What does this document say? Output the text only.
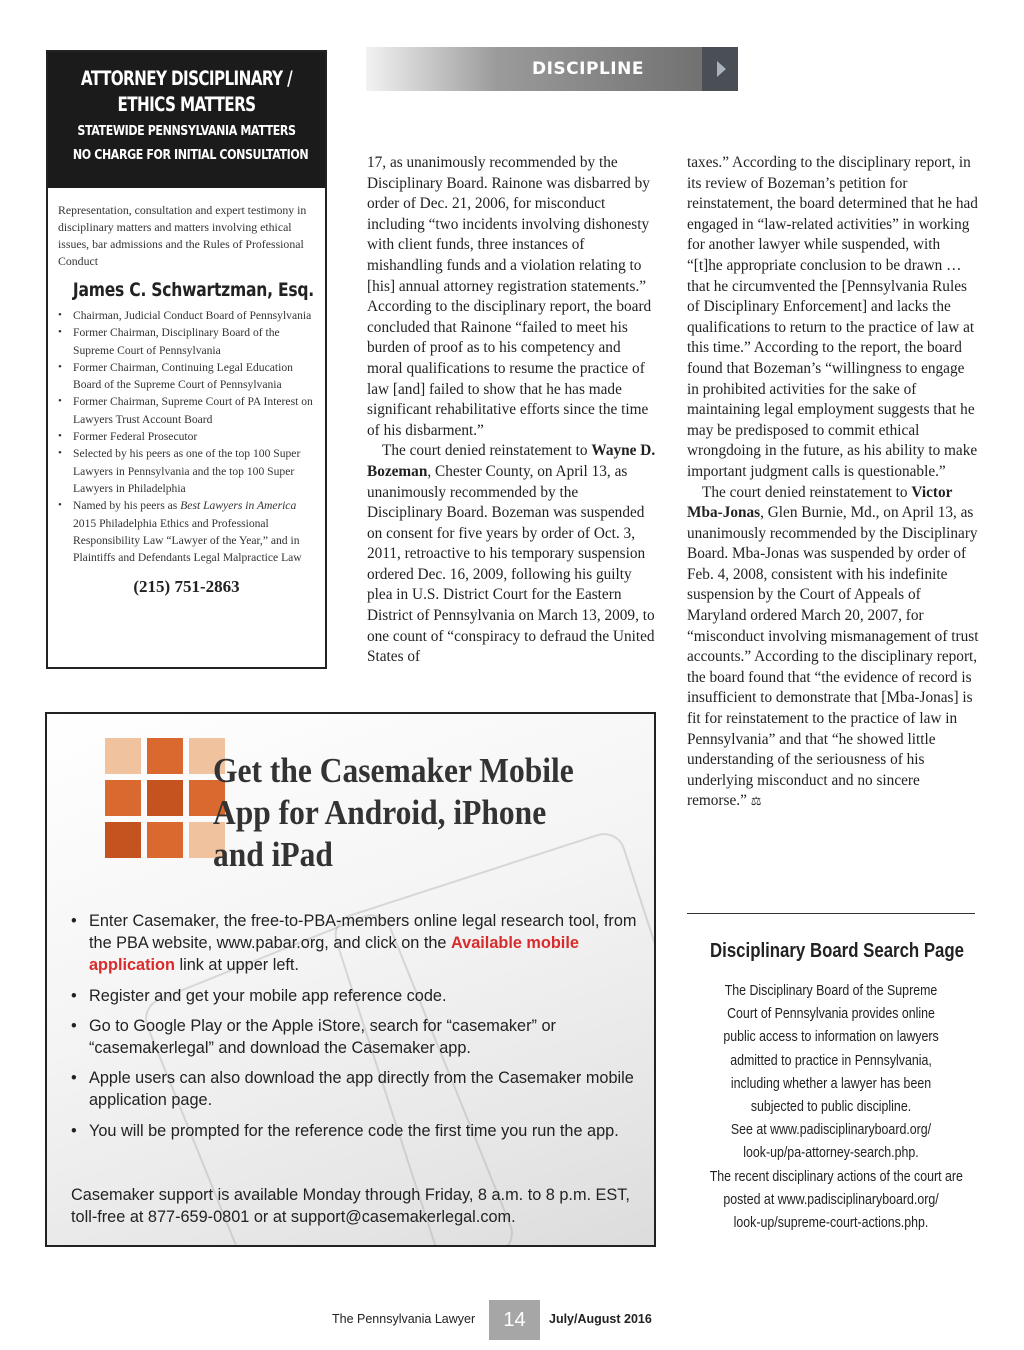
ATTORNEY DISCIPLINARY /
ETHICS MATTERS
STATEWIDE PENNSYLVANIA MATTERS
NO CHARGE FOR INITIAL CONSULTATION
Representation, consultation and expert testimony in disciplinary matters and matters involving ethical issues, bar admissions and the Rules of Professional Conduct
James C. Schwartzman, Esq.
• Chairman, Judicial Conduct Board of Pennsylvania
• Former Chairman, Disciplinary Board of the Supreme Court of Pennsylvania
• Former Chairman, Continuing Legal Education Board of the Supreme Court of Pennsylvania
• Former Chairman, Supreme Court of PA Interest on Lawyers Trust Account Board
• Former Federal Prosecutor
• Selected by his peers as one of the top 100 Super Lawyers in Pennsylvania and the top 100 Super Lawyers in Philadelphia
• Named by his peers as Best Lawyers in America 2015 Philadelphia Ethics and Professional Responsibility Law “Lawyer of the Year,” and in Plaintiffs and Defendants Legal Malpractice Law
(215) 751-2863
DISCIPLINE

17, as unanimously recommended by the Disciplinary Board. Rainone was disbarred by order of Dec. 21, 2006, for misconduct including “two incidents involving dishonesty with client funds, three instances of mishandling funds and a violation relating to [his] annual attorney registration statements.” According to the disciplinary report, the board concluded that Rainone “failed to meet his burden of proof as to his competency and moral qualifications to resume the practice of law [and] failed to show that he has made significant rehabilitative efforts since the time of his disbarment.”

The court denied reinstatement to Wayne D. Bozeman, Chester County, on April 13, as unanimously recommended by the Disciplinary Board. Bozeman was suspended on consent for five years by order of Oct. 3, 2011, retroactive to his temporary suspension ordered Dec. 16, 2009, following his guilty plea in U.S. District Court for the Eastern District of Pennsylvania on March 13, 2009, to one count of “conspiracy to defraud the United States of

taxes.” According to the disciplinary report, in its review of Bozeman’s petition for reinstatement, the board determined that he had engaged in “law-related activities” in working for another lawyer while suspended, with “[t]he appropriate conclusion to be drawn … that he circumvented the [Pennsylvania Rules of Disciplinary Enforcement] and lacks the qualifications to return to the practice of law at this time.” According to the report, the board found that Bozeman’s “willingness to engage in prohibited activities for the sake of maintaining legal employment suggests that he may be predisposed to commit ethical wrongdoing in the future, as his ability to make important judgment calls is questionable.”

The court denied reinstatement to Victor Mba-Jonas, Glen Burnie, Md., on April 13, as unanimously recommended by the Disciplinary Board. Mba-Jonas was suspended by order of Feb. 4, 2008, consistent with his indefinite suspension by the Court of Appeals of Maryland ordered March 20, 2007, for “misconduct involving mismanagement of trust accounts.” According to the disciplinary report, the board found that “the evidence of record is insufficient to demonstrate that [Mba-Jonas] is fit for reinstatement to the practice of law in Pennsylvania” and that “he showed little understanding of the seriousness of his underlying misconduct and no sincere remorse.” ⚖

Disciplinary Board Search Page
The Disciplinary Board of the Supreme
Court of Pennsylvania provides online
public access to information on lawyers
admitted to practice in Pennsylvania,
including whether a lawyer has been
subjected to public discipline.
See at www.padisciplinaryboard.org/
look-up/pa-attorney-search.php.
The recent disciplinary actions of the court are
posted at www.padisciplinaryboard.org/
look-up/supreme-court-actions.php.
Get the Casemaker Mobile
App for Android, iPhone
and iPad
• Enter Casemaker, the free-to-PBA-members online legal research tool, from the PBA website, www.pabar.org, and click on the Available mobile application link at upper left.
• Register and get your mobile app reference code.
• Go to Google Play or the Apple iStore, search for “casemaker” or “casemakerlegal” and download the Casemaker app.
• Apple users can also download the app directly from the Casemaker mobile application page.
• You will be prompted for the reference code the first time you run the app.
Casemaker support is available Monday through Friday, 8 a.m. to 8 p.m. EST, toll-free at 877-659-0801 or at support@casemakerlegal.com.
The Pennsylvania Lawyer	14	July/August 2016
